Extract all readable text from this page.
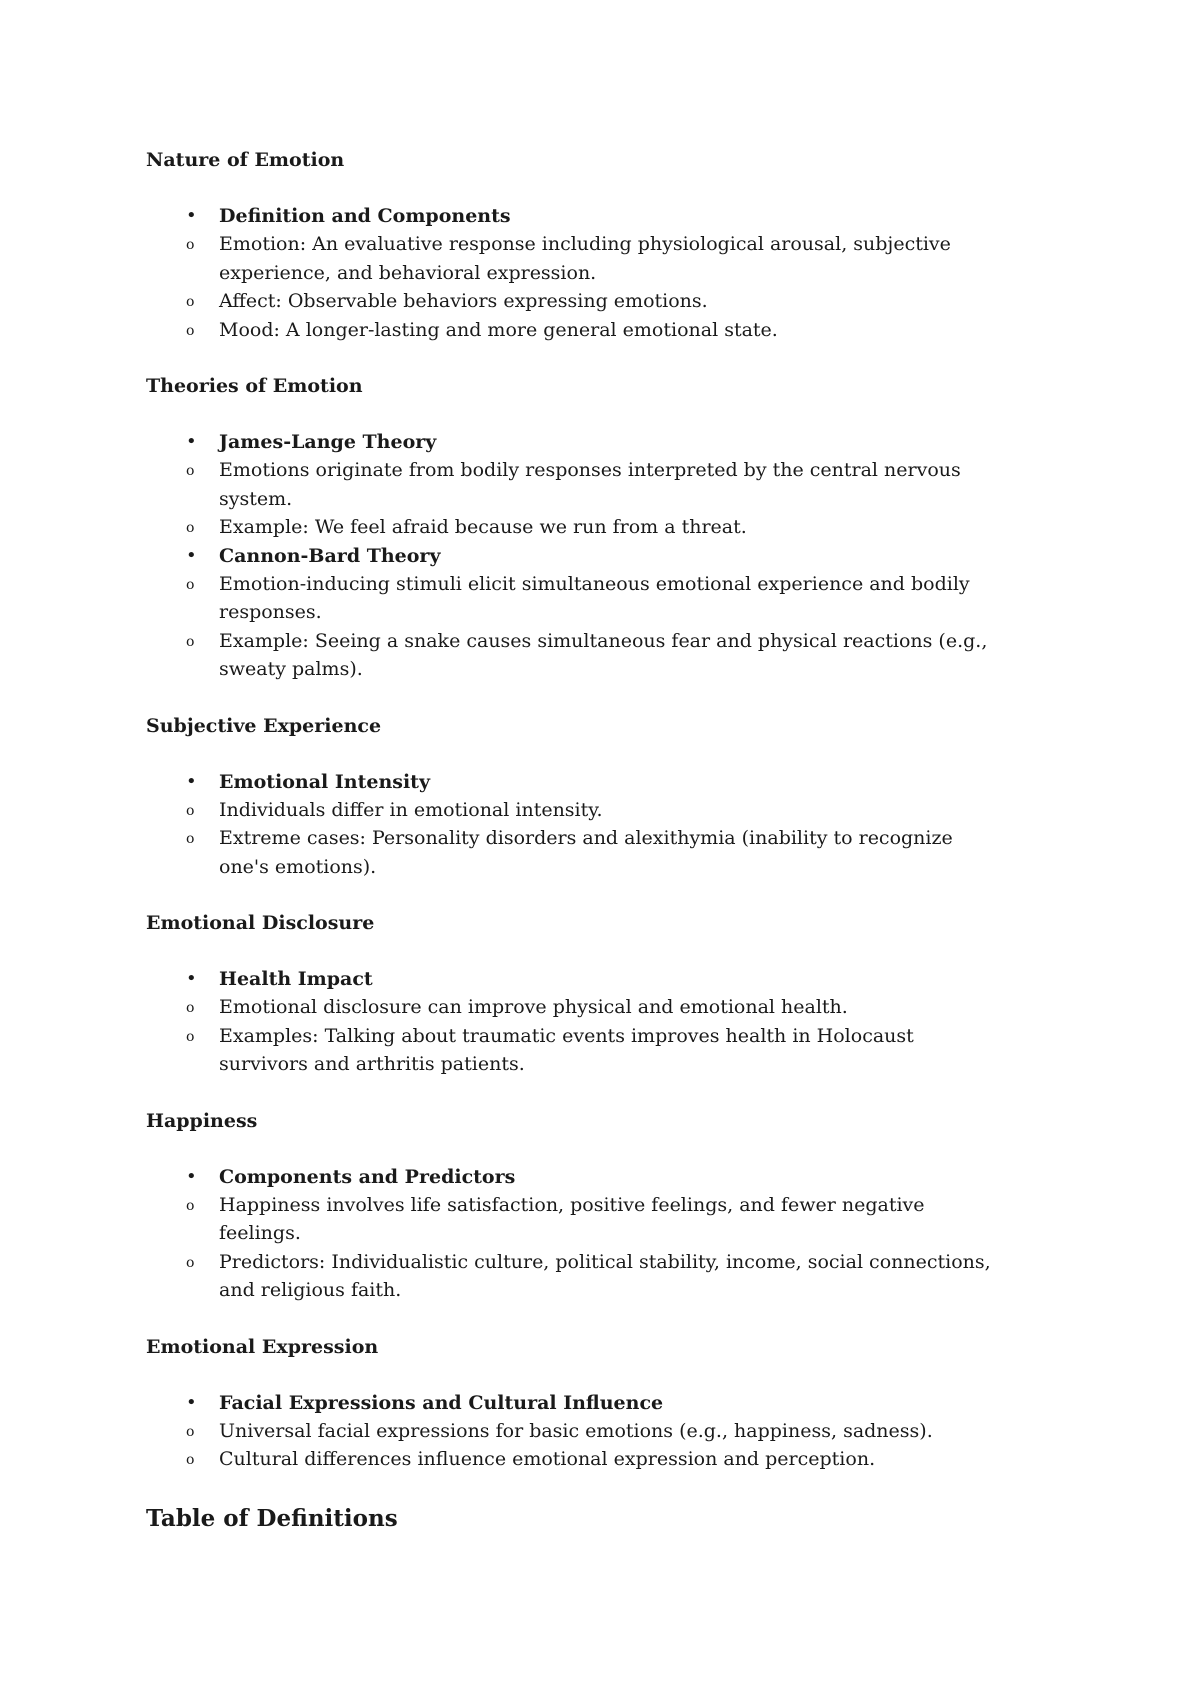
Nature of Emotion
• Definition and Components
o Emotion: An evaluative response including physiological arousal, subjective experience, and behavioral expression.
o Affect: Observable behaviors expressing emotions.
o Mood: A longer-lasting and more general emotional state.
Theories of Emotion
• James-Lange Theory
o Emotions originate from bodily responses interpreted by the central nervous system.
o Example: We feel afraid because we run from a threat.
• Cannon-Bard Theory
o Emotion-inducing stimuli elicit simultaneous emotional experience and bodily responses.
o Example: Seeing a snake causes simultaneous fear and physical reactions (e.g., sweaty palms).
Subjective Experience
• Emotional Intensity
o Individuals differ in emotional intensity.
o Extreme cases: Personality disorders and alexithymia (inability to recognize one's emotions).
Emotional Disclosure
• Health Impact
o Emotional disclosure can improve physical and emotional health.
o Examples: Talking about traumatic events improves health in Holocaust survivors and arthritis patients.
Happiness
• Components and Predictors
o Happiness involves life satisfaction, positive feelings, and fewer negative feelings.
o Predictors: Individualistic culture, political stability, income, social connections, and religious faith.
Emotional Expression
• Facial Expressions and Cultural Influence
o Universal facial expressions for basic emotions (e.g., happiness, sadness).
o Cultural differences influence emotional expression and perception.
Table of Definitions
